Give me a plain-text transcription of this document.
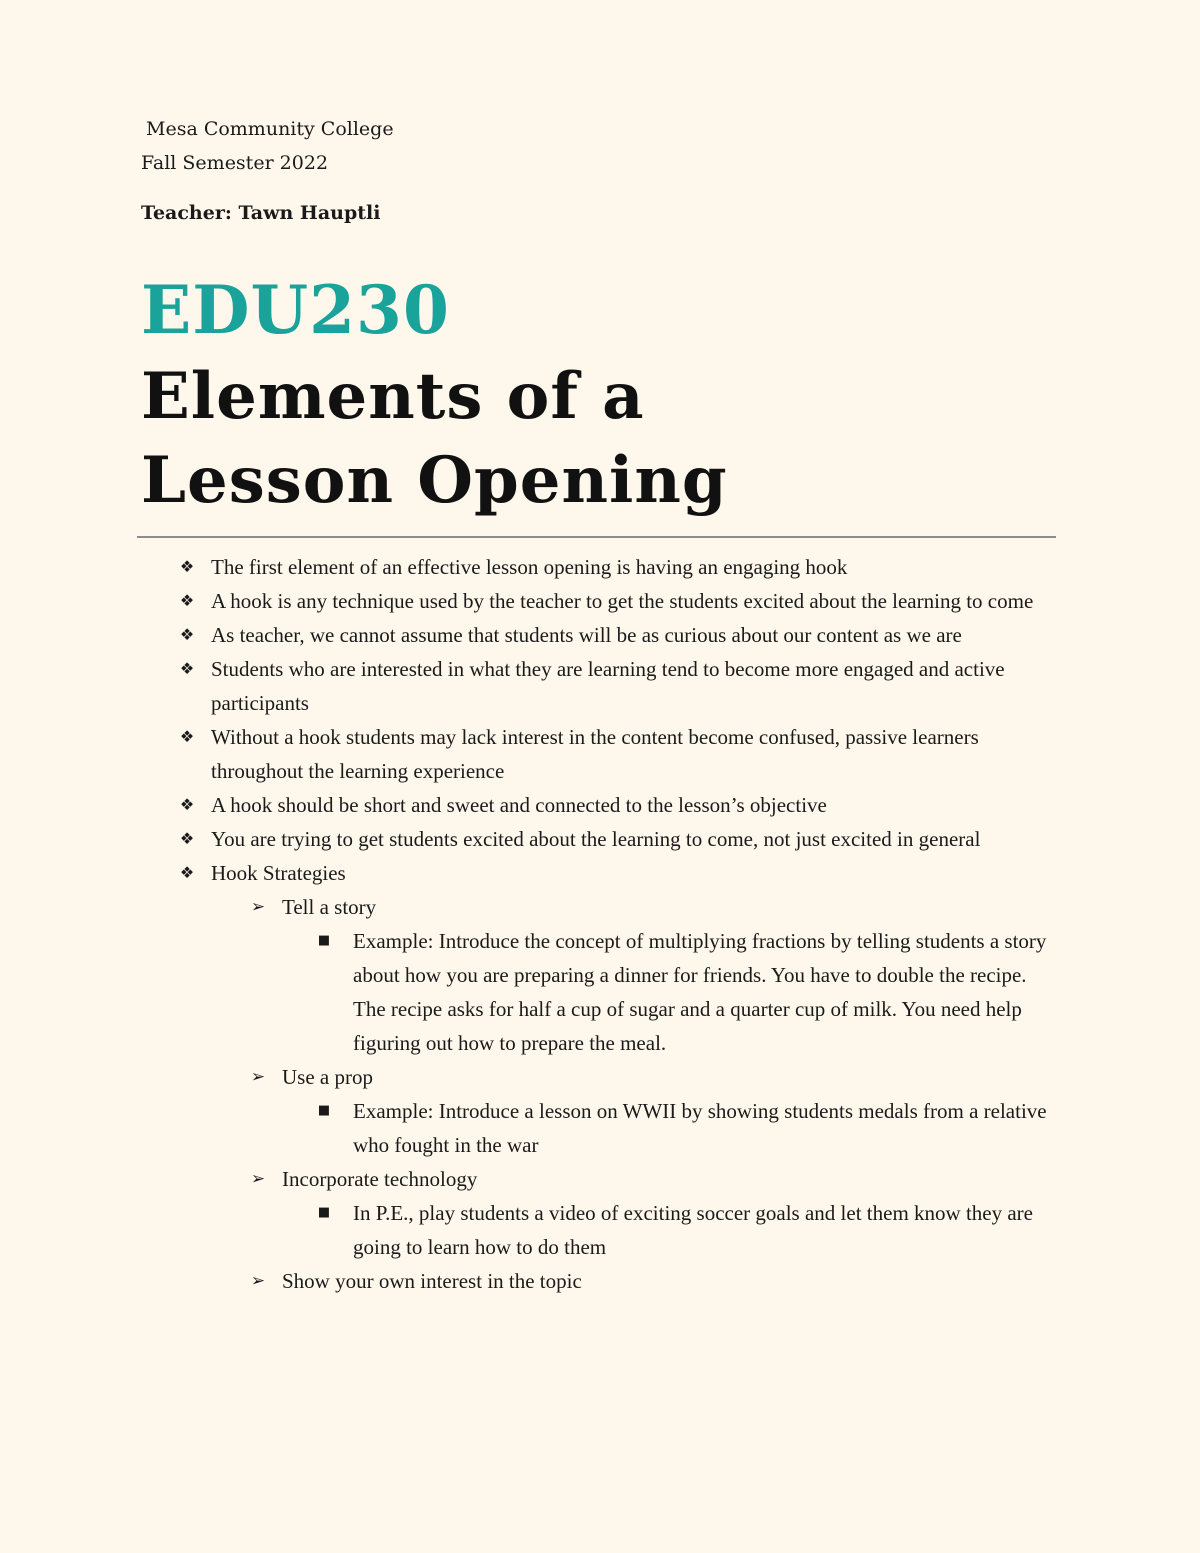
Mesa Community College
Fall Semester 2022
Teacher: Tawn Hauptli
EDU230
Elements of a Lesson Opening
❖ The first element of an effective lesson opening is having an engaging hook
❖ A hook is any technique used by the teacher to get the students excited about the learning to come
❖ As teacher, we cannot assume that students will be as curious about our content as we are
❖ Students who are interested in what they are learning tend to become more engaged and active participants
❖ Without a hook students may lack interest in the content become confused, passive learners throughout the learning experience
❖ A hook should be short and sweet and connected to the lesson’s objective
❖ You are trying to get students excited about the learning to come, not just excited in general
❖ Hook Strategies
➢ Tell a story
■ Example: Introduce the concept of multiplying fractions by telling students a story about how you are preparing a dinner for friends. You have to double the recipe. The recipe asks for half a cup of sugar and a quarter cup of milk. You need help figuring out how to prepare the meal.
➢ Use a prop
■ Example: Introduce a lesson on WWII by showing students medals from a relative who fought in the war
➢ Incorporate technology
■ In P.E., play students a video of exciting soccer goals and let them know they are going to learn how to do them
➢ Show your own interest in the topic
